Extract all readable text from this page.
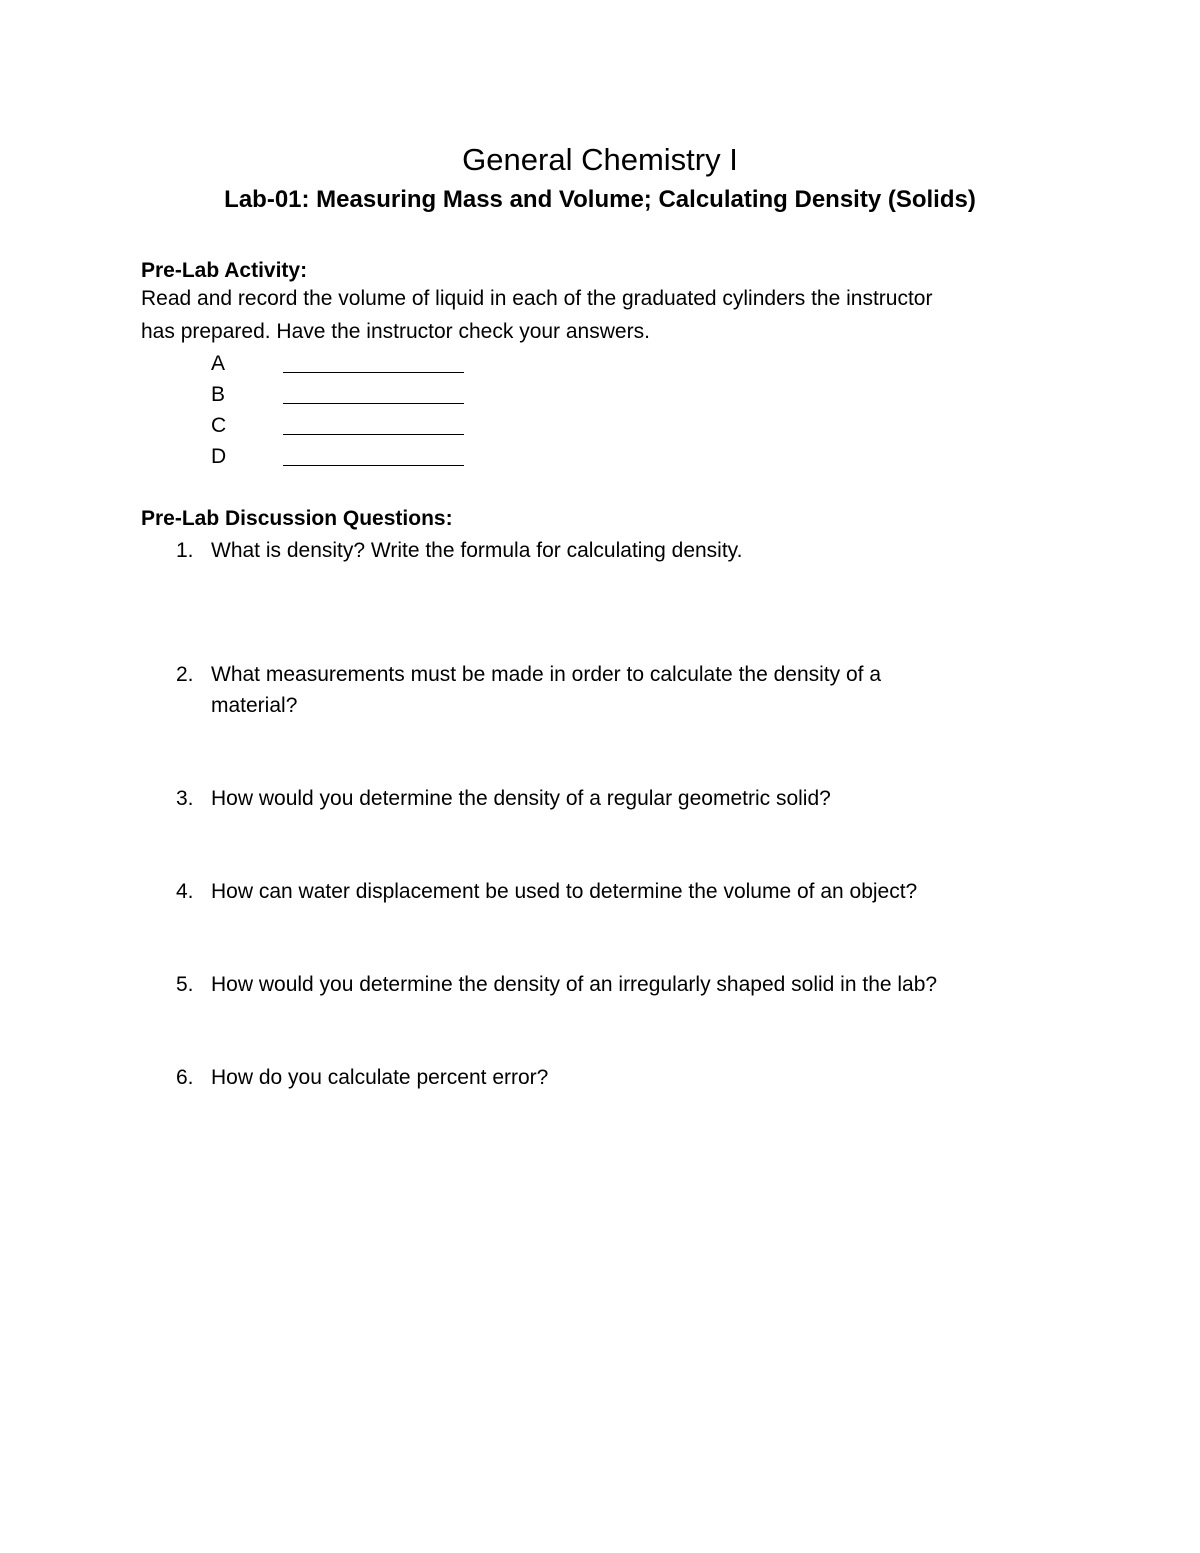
General Chemistry I
Lab-01: Measuring Mass and Volume; Calculating Density (Solids)
Pre-Lab Activity:
Read and record the volume of liquid in each of the graduated cylinders the instructor
has prepared. Have the instructor check your answers.
A
B
C
D
Pre-Lab Discussion Questions:
1. What is density? Write the formula for calculating density.
2. What measurements must be made in order to calculate the density of a
material?
3. How would you determine the density of a regular geometric solid?
4. How can water displacement be used to determine the volume of an object?
5. How would you determine the density of an irregularly shaped solid in the lab?
6. How do you calculate percent error?
